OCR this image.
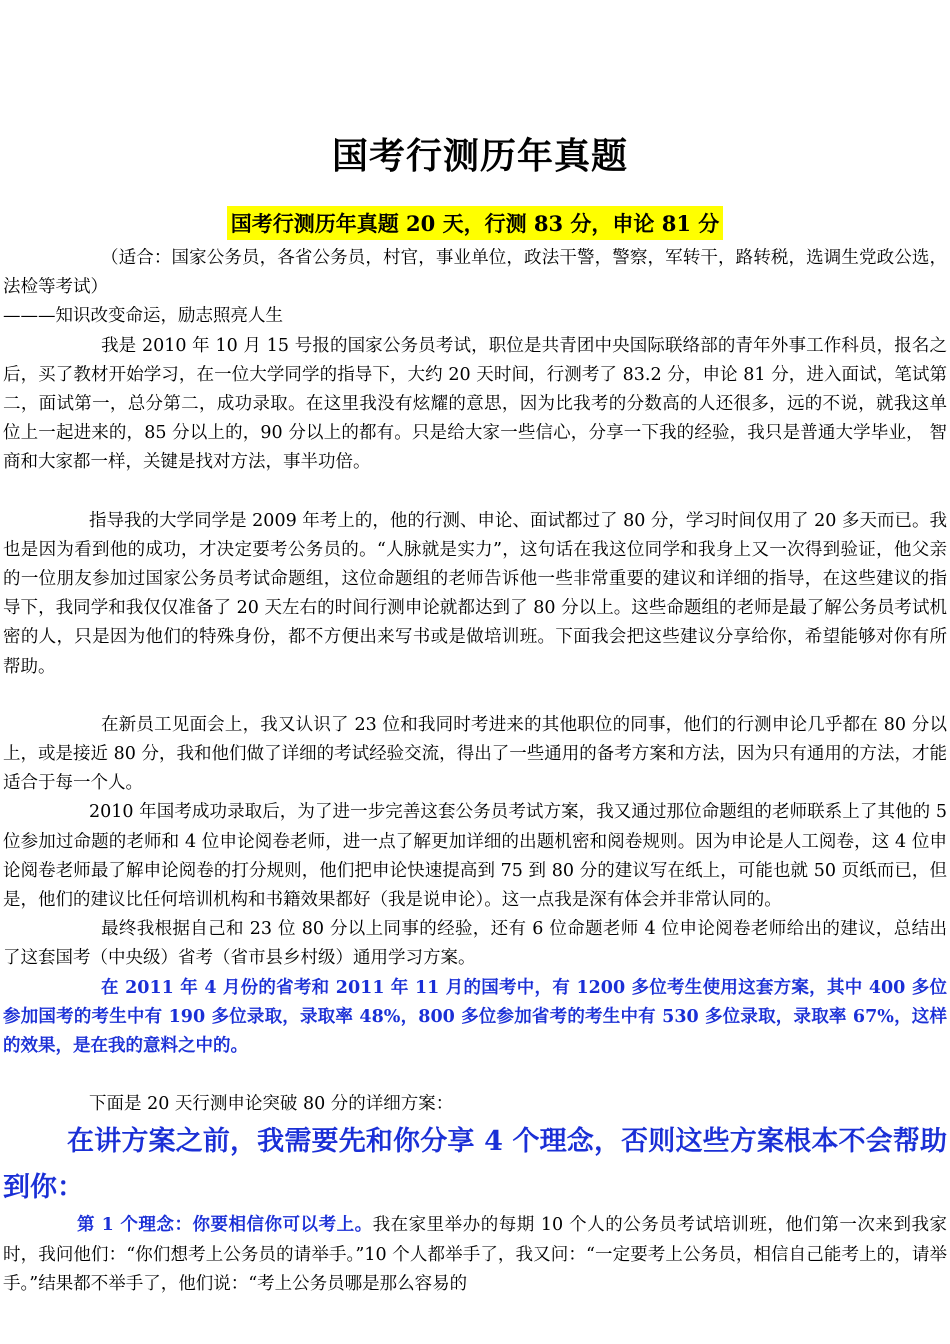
国考行测历年真题
国考行测历年真题 20 天，行测 83 分，申论 81 分

（适合：国家公务员，各省公务员，村官，事业单位，政法干警，警察，军转干，路转税，选调生党政公选，法检等考试）

———知识改变命运，励志照亮人生

我是 2010 年 10 月 15 号报的国家公务员考试，职位是共青团中央国际联络部的青年外事工作科员，报名之后，买了教材开始学习，在一位大学同学的指导下，大约 20 天时间，行测考了 83.2 分，申论 81 分，进入面试，笔试第二，面试第一，总分第二，成功录取。在这里我没有炫耀的意思，因为比我考的分数高的人还很多，远的不说，就我这单位上一起进来的，85 分以上的，90 分以上的都有。只是给大家一些信心，分享一下我的经验，我只是普通大学毕业， 智商和大家都一样，关键是找对方法，事半功倍。

指导我的大学同学是 2009 年考上的，他的行测、申论、面试都过了 80 分，学习时间仅用了 20 多天而已。我也是因为看到他的成功，才决定要考公务员的。“人脉就是实力”，这句话在我这位同学和我身上又一次得到验证，他父亲的一位朋友参加过国家公务员考试命题组，这位命题组的老师告诉他一些非常重要的建议和详细的指导，在这些建议的指导下，我同学和我仅仅准备了 20 天左右的时间行测申论就都达到了 80 分以上。这些命题组的老师是最了解公务员考试机密的人，只是因为他们的特殊身份，都不方便出来写书或是做培训班。下面我会把这些建议分享给你，希望能够对你有所帮助。

在新员工见面会上，我又认识了 23 位和我同时考进来的其他职位的同事，他们的行测申论几乎都在 80 分以上，或是接近 80 分，我和他们做了详细的考试经验交流，得出了一些通用的备考方案和方法，因为只有通用的方法，才能适合于每一个人。

2010 年国考成功录取后，为了进一步完善这套公务员考试方案，我又通过那位命题组的老师联系上了其他的 5 位参加过命题的老师和 4 位申论阅卷老师，进一点了解更加详细的出题机密和阅卷规则。因为申论是人工阅卷，这 4 位申论阅卷老师最了解申论阅卷的打分规则，他们把申论快速提高到 75 到 80 分的建议写在纸上，可能也就 50 页纸而已，但是，他们的建议比任何培训机构和书籍效果都好（我是说申论）。这一点我是深有体会并非常认同的。

最终我根据自己和 23 位 80 分以上同事的经验，还有 6 位命题老师 4 位申论阅卷老师给出的建议，总结出了这套国考（中央级）省考（省市县乡村级）通用学习方案。

在 2011 年 4 月份的省考和 2011 年 11 月的国考中，有 1200 多位考生使用这套方案，其中 400 多位参加国考的考生中有 190 多位录取，录取率 48%，800 多位参加省考的考生中有 530 多位录取，录取率 67%，这样的效果，是在我的意料之中的。

下面是 20 天行测申论突破 80 分的详细方案：

在讲方案之前，我需要先和你分享 4 个理念，否则这些方案根本不会帮助到你：

第 1 个理念：你要相信你可以考上。我在家里举办的每期 10 个人的公务员考试培训班，他们第一次来到我家时，我问他们：“你们想考上公务员的请举手。”10 个人都举手了，我又问：“一定要考上公务员，相信自己能考上的，请举手。”结果都不举手了，他们说：“考上公务员哪是那么容易的
